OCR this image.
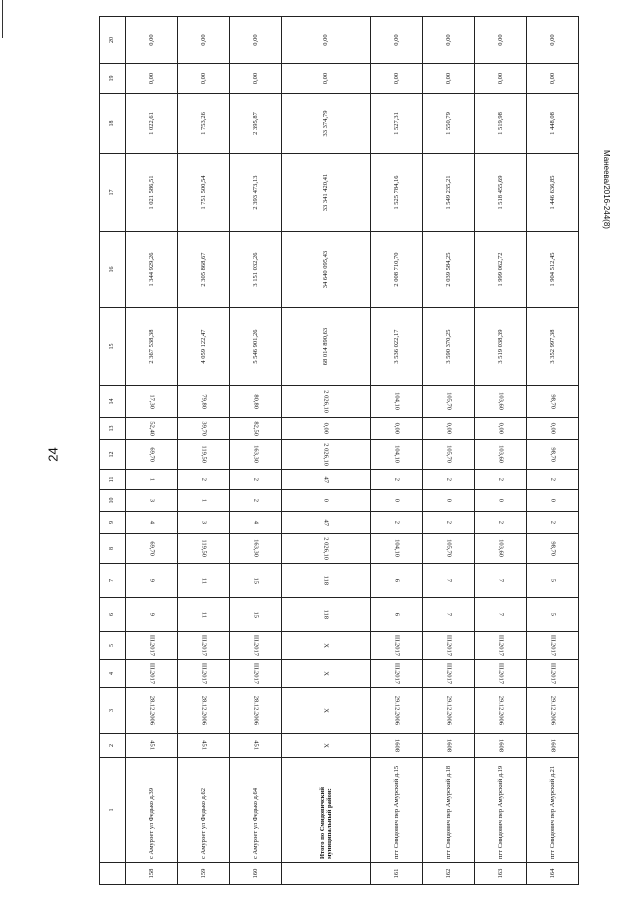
24
Манеева/2016-244(8)
	1	2	3	4	5	6	7	8	9	10	11	12	13	14	15	16	17	18	19	20
158	с Амурзет ул Федько д.39	451	28.12.2006	III.2017	III.2017	9	9	69,70	4	3	1	69,70	52,40	17,30	2 367 538,38	1 344 929,26	1 021 586,51	1 022,61	0,00	0,00
159	с Амурзет ул Федько д.62	451	28.12.2006	III.2017	III.2017	11	11	119,50	3	1	2	119,50	39,70	79,80	4 059 122,47	2 305 868,67	1 751 500,54	1 753,26	0,00	0,00
160	с Амурзет ул Федько д.64	451	28.12.2006	III.2017	III.2017	15	15	163,30	4	2	2	163,30	82,50	80,80	5 546 901,26	3 151 032,26	2 393 473,13	2 395,87	0,00	0,00
	Итого по Смидовичский муниципальный район:	X	X	X	X	118	118	2 026,10	47	0	47	2 026,10	0,00	2 026,10	68 014 890,63	34 640 095,43	33 341 420,41	33 374,79	0,00	0,00
161	пгт Смидович пер Амурский д.15	1608	29.12.2006	III.2017	III.2017	6	6	104,10	2	0	2	104,10	0,00	104,10	3 536 022,17	2 008 710,70	1 525 784,16	1 527,31	0,00	0,00
162	пгт Смидович пер Амурский д.18	1608	29.12.2006	III.2017	III.2017	7	7	105,70	2	0	2	105,70	0,00	105,70	3 590 370,25	2 039 584,25	1 549 235,21	1 550,79	0,00	0,00
163	пгт Смидович пер Амурский д.19	1608	29.12.2006	III.2017	III.2017	7	7	103,60	2	0	2	103,60	0,00	103,60	3 519 038,39	1 999 062,72	1 518 455,69	1 519,98	0,00	0,00
164	пгт Смидович пер Амурский д.21	1608	29.12.2006	III.2017	III.2017	5	5	98,70	2	0	2	98,70	0,00	98,70	3 352 997,38	1 904 512,45	1 446 636,85	1 448,08	0,00	0,00
